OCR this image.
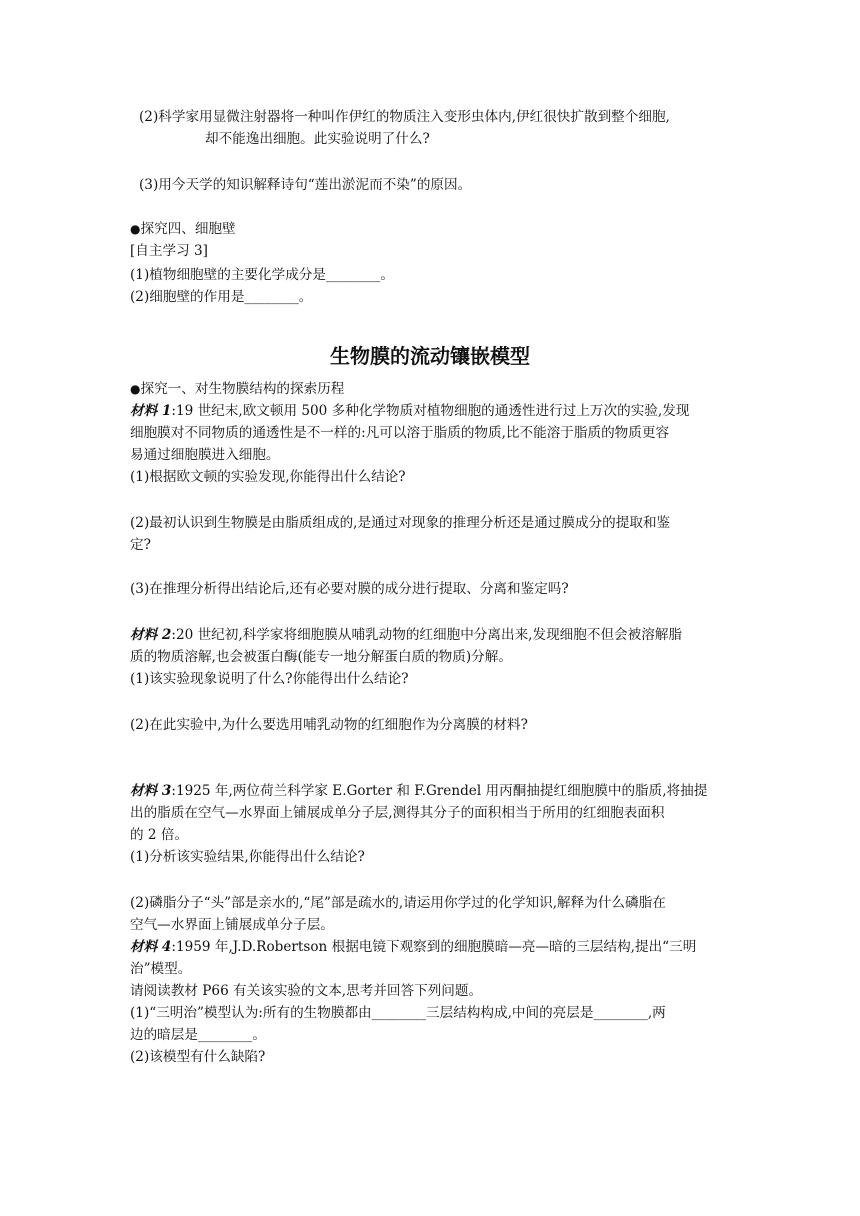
(2)科学家用显微注射器将一种叫作伊红的物质注入变形虫体内,伊红很快扩散到整个细胞,
却不能逸出细胞。此实验说明了什么?
(3)用今天学的知识解释诗句“莲出淤泥而不染”的原因。
●探究四、细胞壁
[自主学习 3]
(1)植物细胞壁的主要化学成分是________。
(2)细胞壁的作用是________。
生物膜的流动镶嵌模型
●探究一、对生物膜结构的探索历程
材料 1:19 世纪末,欧文顿用 500 多种化学物质对植物细胞的通透性进行过上万次的实验,发现
细胞膜对不同物质的通透性是不一样的:凡可以溶于脂质的物质,比不能溶于脂质的物质更容
易通过细胞膜进入细胞。
(1)根据欧文顿的实验发现,你能得出什么结论?
(2)最初认识到生物膜是由脂质组成的,是通过对现象的推理分析还是通过膜成分的提取和鉴
定?
(3)在推理分析得出结论后,还有必要对膜的成分进行提取、分离和鉴定吗?
材料 2:20 世纪初,科学家将细胞膜从哺乳动物的红细胞中分离出来,发现细胞不但会被溶解脂
质的物质溶解,也会被蛋白酶(能专一地分解蛋白质的物质)分解。
(1)该实验现象说明了什么?你能得出什么结论?
(2)在此实验中,为什么要选用哺乳动物的红细胞作为分离膜的材料?
材料 3:1925 年,两位荷兰科学家 E.Gorter 和 F.Grendel 用丙酮抽提红细胞膜中的脂质,将抽提
出的脂质在空气—水界面上铺展成单分子层,测得其分子的面积相当于所用的红细胞表面积
的 2 倍。
(1)分析该实验结果,你能得出什么结论?
(2)磷脂分子“头”部是亲水的,“尾”部是疏水的,请运用你学过的化学知识,解释为什么磷脂在
空气—水界面上铺展成单分子层。
材料 4:1959 年,J.D.Robertson 根据电镜下观察到的细胞膜暗—亮—暗的三层结构,提出“三明
治”模型。
请阅读教材 P66 有关该实验的文本,思考并回答下列问题。
(1)“三明治”模型认为:所有的生物膜都由________三层结构构成,中间的亮层是________,两
边的暗层是________。
(2)该模型有什么缺陷?
